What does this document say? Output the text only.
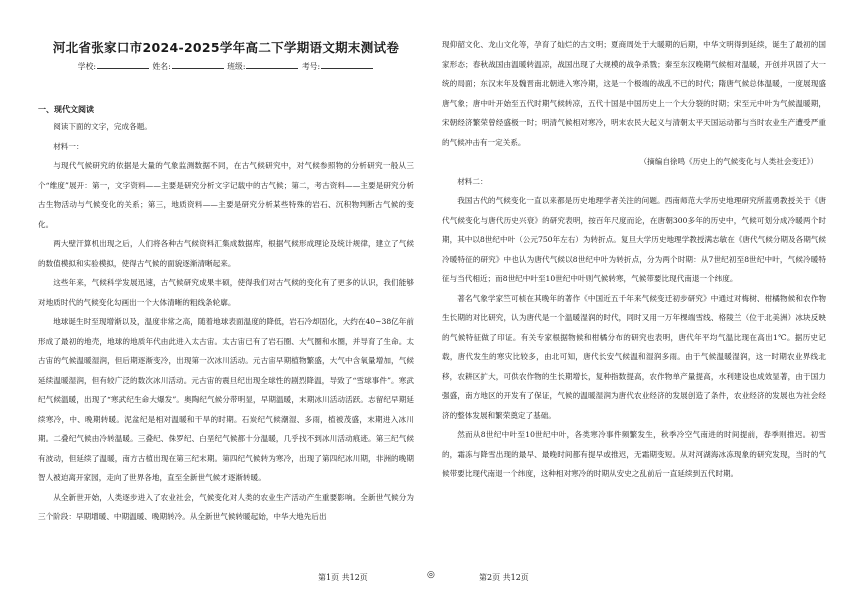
河北省张家口市2024-2025学年高二下学期语文期末测试卷
学校:	姓名:	班级:	考号:
一、现代文阅读

阅读下面的文字，完成各题。

材料一：

与现代气候研究的依据是大量的气象监测数据不同，在古气候研究中，对气候参照物的分析研究一般从三个“维度”展开：第一，文字资料——主要是研究分析文字记载中的古气候；第二，考古资料——主要是研究分析古生物活动与气候变化的关系；第三，地质资料——主要是研究分析某些特殊的岩石、沉积物判断古气候的变化。

两大壁汗算机出现之后，人们将各种古气候资料汇集成数据库，根据气候形成理论及统计规律，建立了气候的数值模拟和实验模拟，使得古气候的面貌逐渐清晰起来。

这些年来，气候科学发展迅速，古气候研究成果丰硕，使得我们对古气候的变化有了更多的认识，我们能够对地质时代的气候变化勾画出一个大体清晰的粗线条轮廓。

地球诞生时至现增渐以及，温度非常之高，随着地球表面温度的降低，岩石冷却固化，大约在40~38亿年前形成了最初的地壳，地球的地质年代由此进入太古宙。太古宙已有了岩石圈、大气圈和水圈，并导育了生命。太古宙的气候温暖湿润，但后期逐渐变冷，出现第一次冰川活动。元古宙早期植物繁盛，大气中含氧量增加，气候延续温暖湿润，但有较广泛的数次冰川活动。元古宙的震旦纪出现全球性的剧烈降温，导致了“雪球事件”。寒武纪气候温暖，出现了“寒武纪生命大爆发”。奥陶纪气候分带明显，早期温暖，末期冰川活动活跃。志留纪早期延续寒冷，中、晚期转暖。泥盆纪是相对温暖和干旱的时期。石炭纪气候潮湿、多雨，植被茂盛，末期进入冰川期。二叠纪气候由冷转温暖。三叠纪、侏罗纪、白垩纪气候都十分温暖，几乎找不到冰川活动痕迹。第三纪气候有波动，但延续了温暖，南方古植出现在第三纪末期。第四纪气候转为寒冷，出现了第四纪冰川期，非洲的晚期智人被迫离开家园，走向了世界各地，直至全新世气候才逐渐转暖。

从全新世开始，人类逐步进入了农业社会，气候变化对人类的农业生产活动产生重要影响。全新世气候分为三个阶段：早期增暖、中期温暖、晚期转冷。从全新世气候转暖起始，中华大地先后出

现仰韶文化、龙山文化等，孕育了灿烂的古文明；夏商周处于大暖期的后期，中华文明得到延续，诞生了最初的国家形态；春秋战国由温暖转温凉，战国出现了大规模的战争杀戮；秦至东汉晚期气候相对温暖，开创并巩固了大一统的局面；东汉末年及魏晋南北朝进入寒冷期，这是一个极端的战乱不已的时代；隋唐气候总体温暖，一度展现盛唐气象；唐中叶开始至五代时期气候转凉，五代十国是中国历史上一个大分裂的时期；宋至元中叶为气候温暖期，宋朝经济繁荣曾经盛极一时；明清气候相对寒冷，明末农民大起义与清朝太平天国运动都与当时农业生产遭受严重的气候冲击有一定关系。

（摘编自徐鸣《历史上的气候变化与人类社会变迁》）

材料二：

我国古代的气候变化一直以来都是历史地理学者关注的问题。西南师范大学历史地理研究所蓝勇教授关于《唐代气候变化与唐代历史兴衰》的研究表明，按百年尺度而论，在唐朝300多年的历史中，气候可划分成冷暖两个时期，其中以8世纪中叶（公元750年左右）为转折点。复旦大学历史地理学教授满志敏在《唐代气候分期及各期气候冷暖特征的研究》中也认为唐代气候以8世纪中叶为转折点，分为两个时期：从7世纪初至8世纪中叶，气候冷暖特征与当代相近；而8世纪中叶至10世纪中叶则气候转寒，气候带要比现代南退一个纬度。

著名气象学家竺可桢在其晚年的著作《中国近五千年来气候变迁初步研究》中通过对梅树、柑橘物候和农作物生长期的对比研究，认为唐代是一个温暖湿润的时代，同时又用一万年棵端雪线、格陵兰（位于北美洲）冰块反映的气候特征做了印证。有关专家根据物候和柑橘分布的研究也表明，唐代年平均气温比现在高出1℃。据历史记载，唐代发生的寒灾比较多，由北可知，唐代长安气候温和湿润多雨。由于气候温暖湿润，这一时期农业界线北移，农耕区扩大，可供农作物的生长期增长，复种指数提高，农作物单产量提高，水利建设也成效显著，由于国力强盛，南方地区的开发有了保证，气候的温暖湿润为唐代农业经济的发展创造了条件，农业经济的发展也为社会经济的整体发展和繁荣奠定了基础。

然而从8世纪中叶至10世纪中叶，各类寒冷事件频繁发生，秋季冷空气南进的时间提前，春季则推迟。初雪的，霜冻与降雪出现的最早、最晚时间都有提早或推迟，无霜期变短。从对河湖海冰冻现象的研究发现，当时的气候带要比现代南退一个纬度，这种相对寒冷的时期从安史之乱前后一直延续到五代时期。

第1页 共12页	◎	第2页 共12页
